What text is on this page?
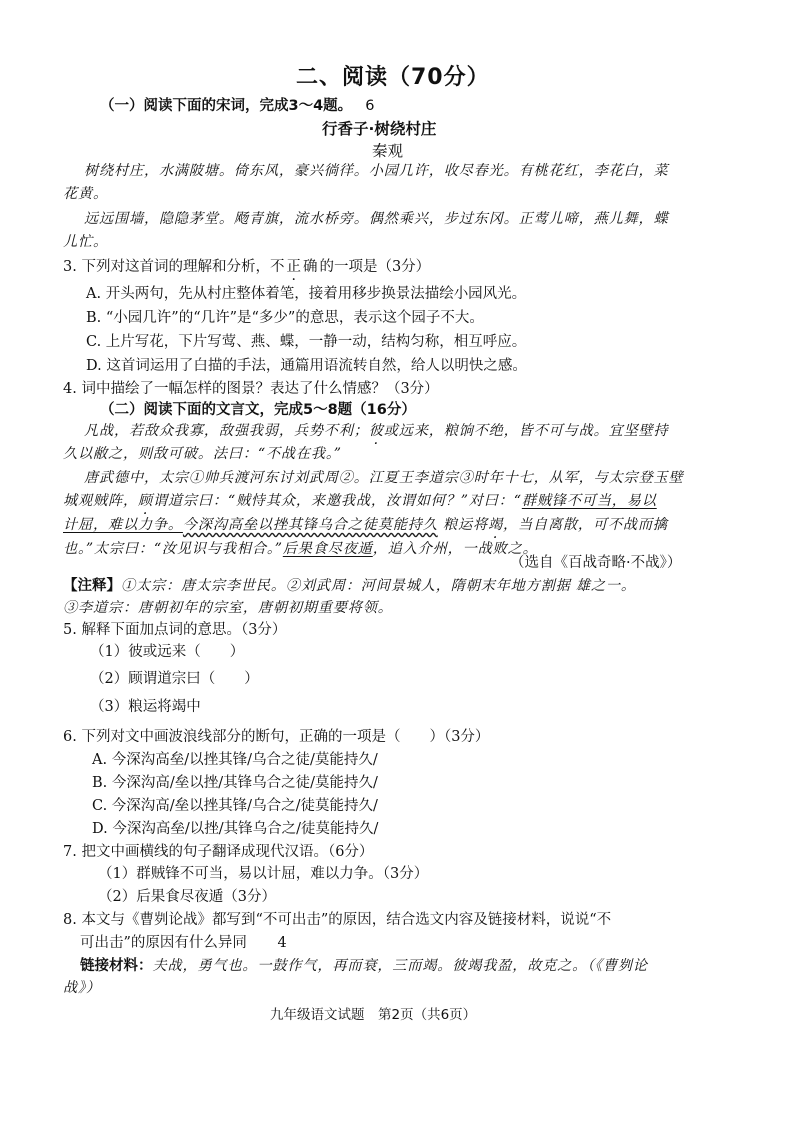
二、阅读（70分）
（一）阅读下面的宋词，完成3～4题。 6
行香子·树绕村庄
秦观
树绕村庄，水满陂塘。倚东风，豪兴徜徉。小园几许，收尽春光。有桃花红，李花白，菜
花黄。
远远围墙，隐隐茅堂。飏青旗，流水桥旁。偶然乘兴，步过东冈。正莺儿啼，燕儿舞，蝶
儿忙。
3. 下列对这首词的理解和分析，不正确的一项是（3分）
A. 开头两句，先从村庄整体着笔，接着用移步换景法描绘小园风光。
B. “小园几许”的“几许”是“多少”的意思，表示这个园子不大。
C. 上片写花，下片写莺、燕、蝶，一静一动，结构匀称，相互呼应。
D. 这首词运用了白描的手法，通篇用语流转自然，给人以明快之感。
4. 词中描绘了一幅怎样的图景？表达了什么情感？（3分）
（二）阅读下面的文言文，完成5～8题（16分）
凡战，若敌众我寡，敌强我弱，兵势不利；彼或远来，粮饷不绝，皆不可与战。宜坚壁持
久以敝之，则敌可破。法曰：“不战在我。”
唐武德中，太宗①帅兵渡河东讨刘武周②。江夏王李道宗③时年十七，从军，与太宗登玉壁
城观贼阵，顾谓道宗曰：“贼恃其众，来邀我战，汝谓如何？”对曰：“群贼锋不可当，易以
计屈，难以力争。今深沟高垒以挫其锋乌合之徒莫能持久 粮运将竭，当自离散，可不战而擒
也。”太宗曰：“汝见识与我相合。”后果食尽夜遁，追入介州，一战败之。
（选自《百战奇略·不战》）
【注释】①太宗：唐太宗李世民。②刘武周：河间景城人，隋朝末年地方割据 雄之一。
③李道宗：唐朝初年的宗室，唐朝初期重要将领。
5. 解释下面加点词的意思。（3分）
（1）彼或远来（　　）
（2）顾谓道宗曰（　　）
（3）粮运将竭中
6. 下列对文中画波浪线部分的断句，正确的一项是（　　）（3分）
A. 今深沟高垒/以挫其锋/乌合之徒/莫能持久/
B. 今深沟高/垒以挫/其锋乌合之徒/莫能持久/
C. 今深沟高/垒以挫其锋/乌合之/徒莫能持久/
D. 今深沟高垒/以挫/其锋乌合之/徒莫能持久/
7. 把文中画横线的句子翻译成现代汉语。（6分）
（1）群贼锋不可当，易以计屈，难以力争。（3分）
（2）后果食尽夜遁（3分）
8. 本文与《曹刿论战》都写到“不可出击”的原因，结合选文内容及链接材料，说说“不
可出击”的原因有什么异同 4
链接材料：夫战，勇气也。一鼓作气，再而衰，三而竭。彼竭我盈，故克之。（《曹刿论
战》）
九年级语文试题　第2页（共6页）
